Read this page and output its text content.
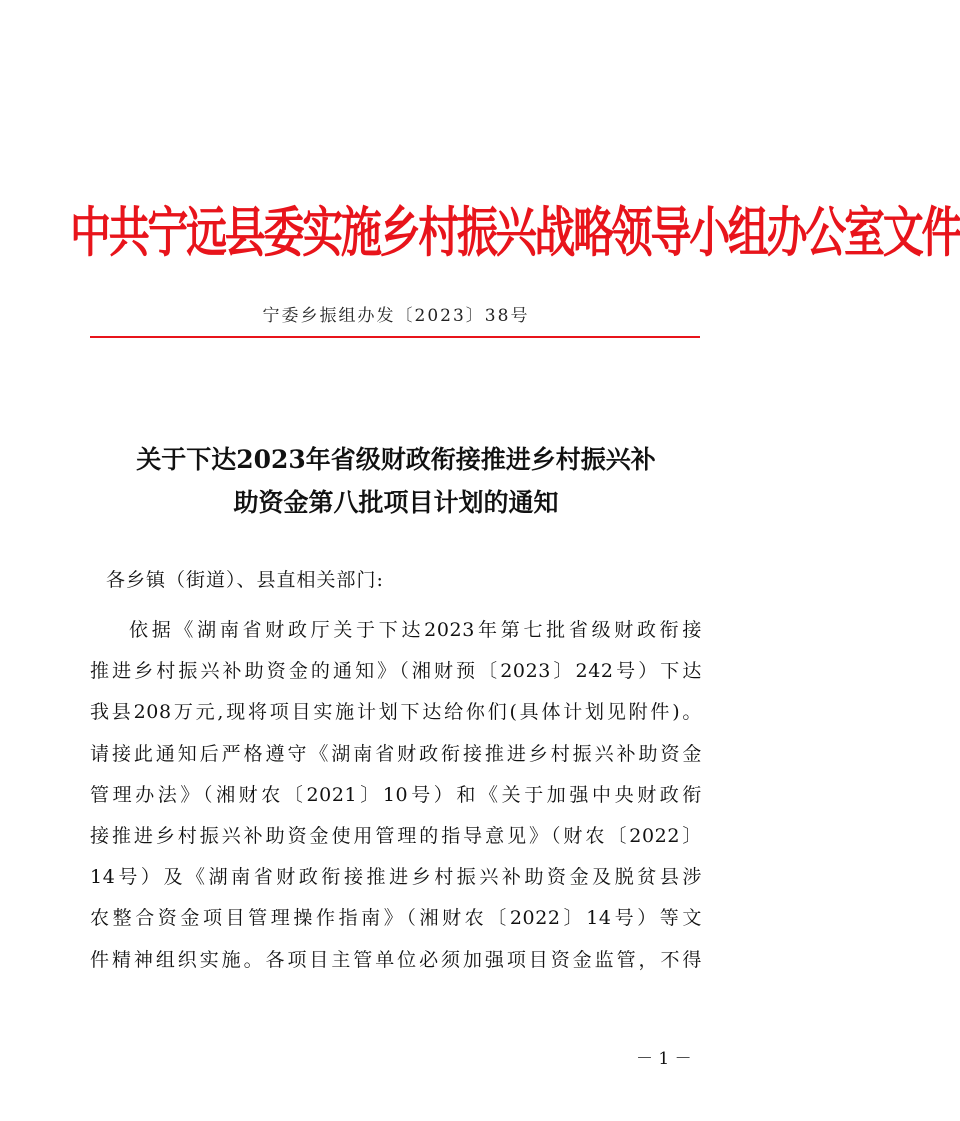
中共宁远县委实施乡村振兴战略领导小组办公室文件
宁委乡振组办发〔2023〕38号
关于下达2023年省级财政衔接推进乡村振兴补
助资金第八批项目计划的通知
各乡镇（街道）、县直相关部门:
依据《湖南省财政厅关于下达2023年第七批省级财政衔接
推进乡村振兴补助资金的通知》（湘财预〔2023〕242号）下达
我县208万元,现将项目实施计划下达给你们(具体计划见附件)。
请接此通知后严格遵守《湖南省财政衔接推进乡村振兴补助资金
管理办法》（湘财农〔2021〕10号）和《关于加强中央财政衔
接推进乡村振兴补助资金使用管理的指导意见》（财农〔2022〕
14号）及《湖南省财政衔接推进乡村振兴补助资金及脱贫县涉
农整合资金项目管理操作指南》（湘财农〔2022〕14号）等文
件精神组织实施。各项目主管单位必须加强项目资金监管，不得
－ 1 －
